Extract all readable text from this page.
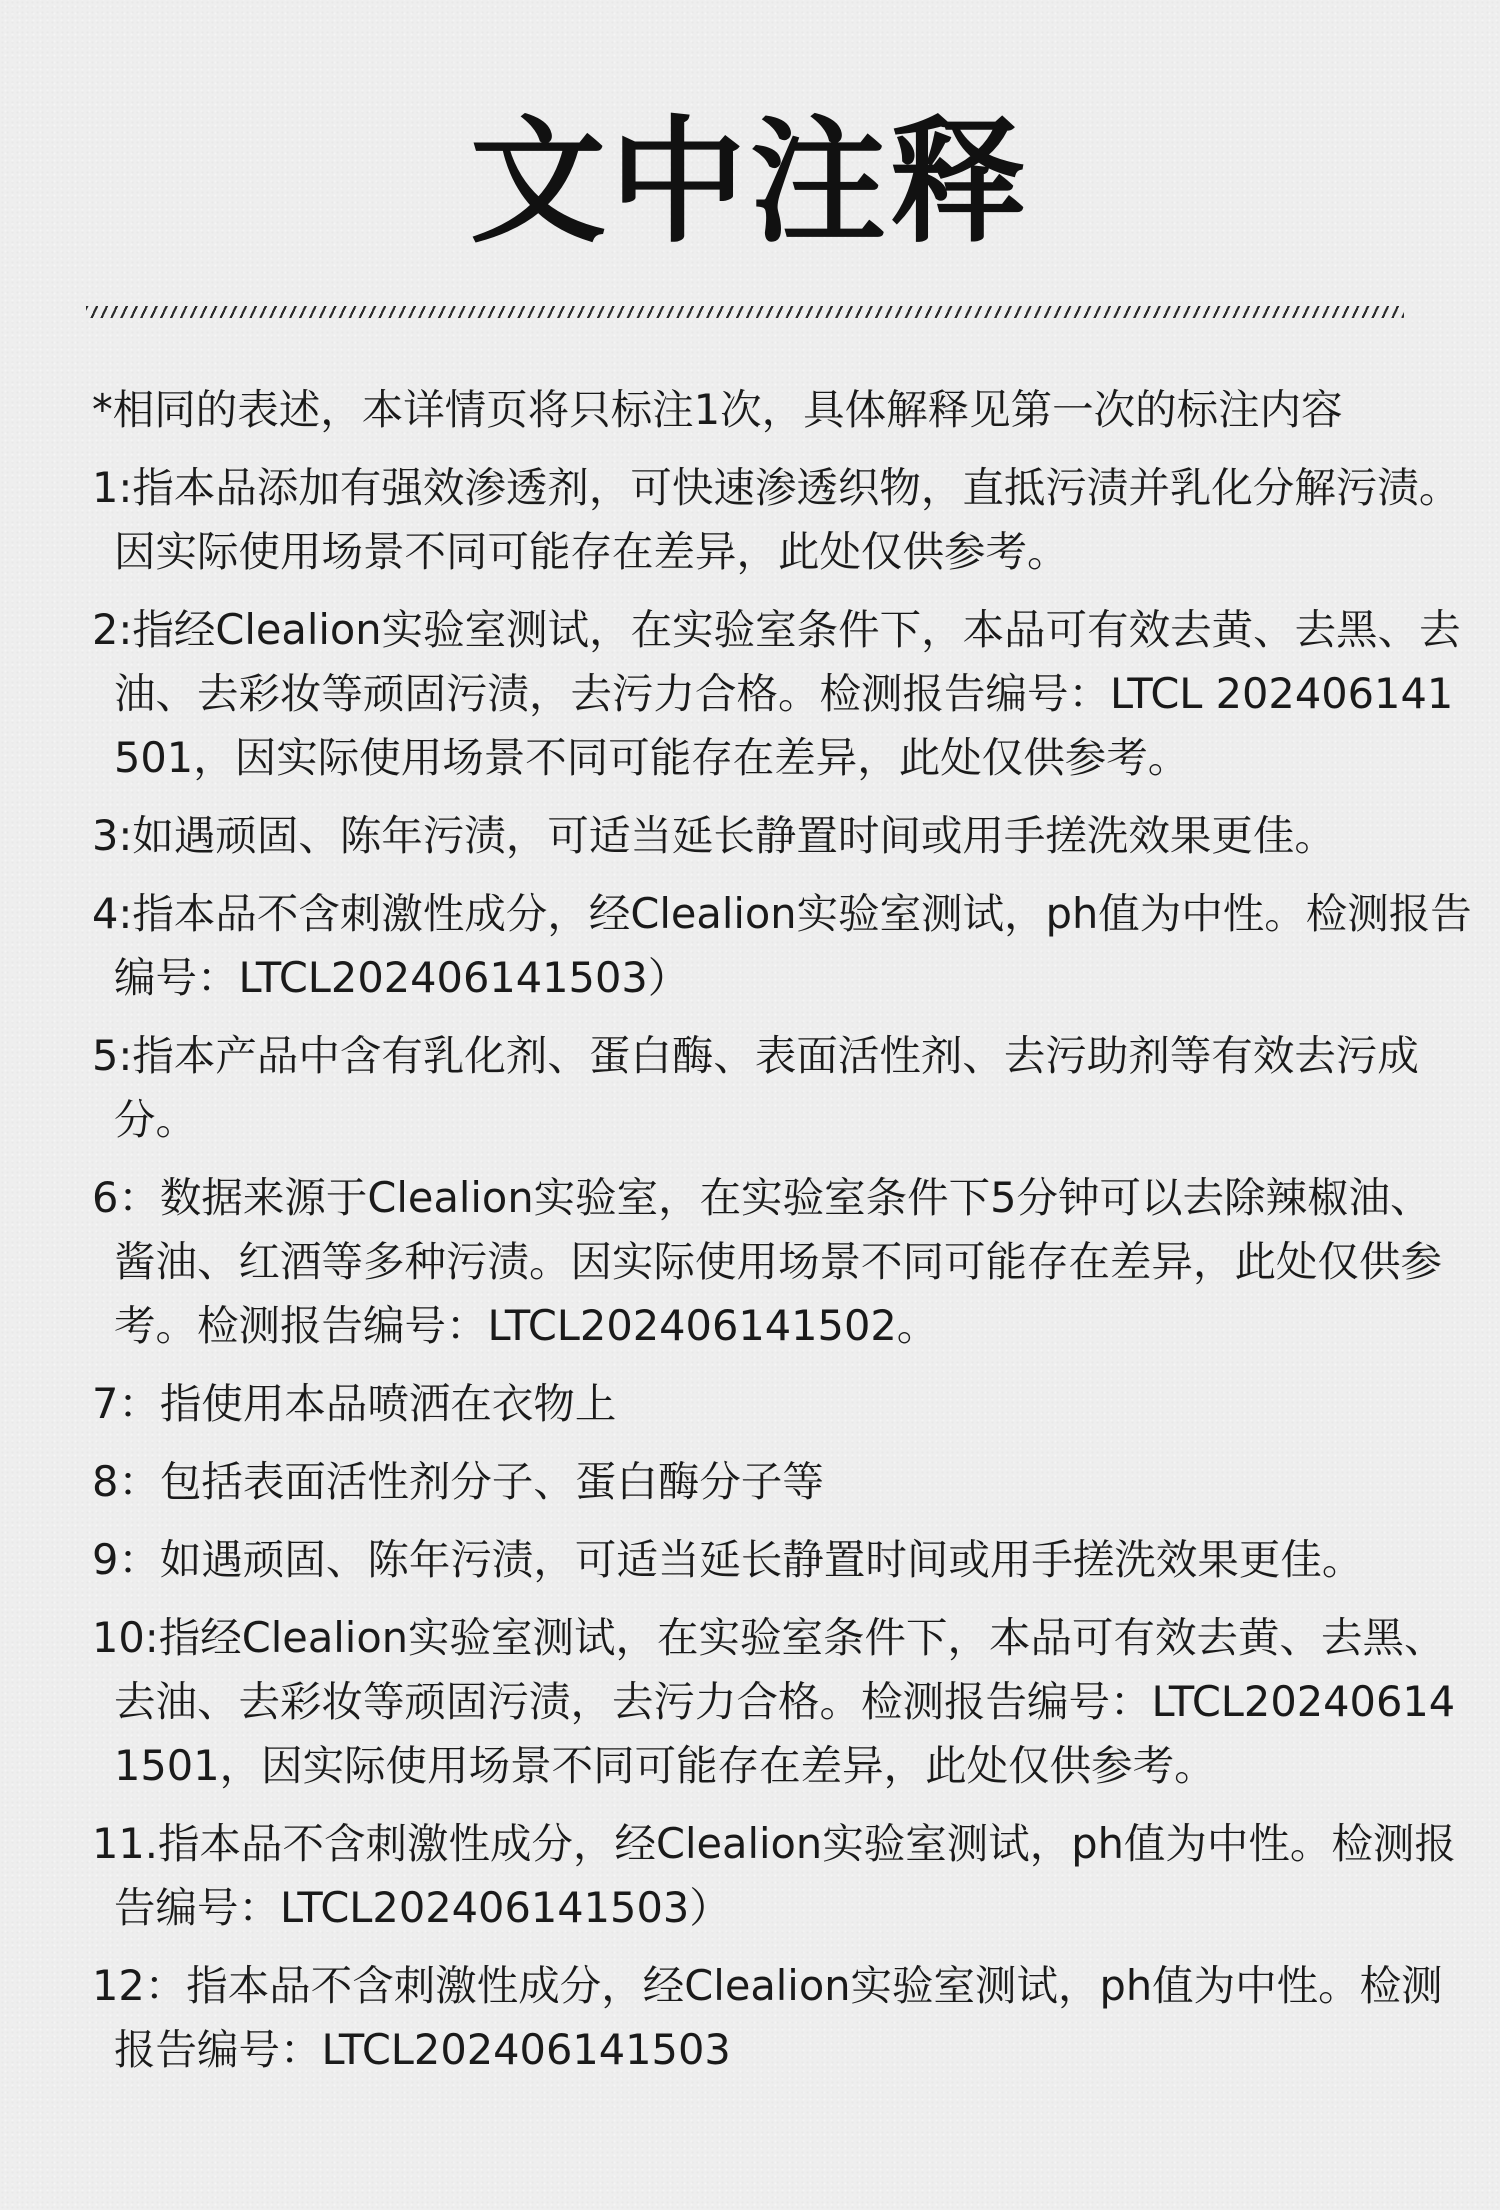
文中注释

*相同的表述，本详情页将只标注1次，具体解释见第一次的标注内容

1:指本品添加有强效渗透剂，可快速渗透织物，直抵污渍并乳化分解污渍。因实际使用场景不同可能存在差异，此处仅供参考。

2:指经Clealion实验室测试，在实验室条件下，本品可有效去黄、去黑、去油、去彩妆等顽固污渍，去污力合格。检测报告编号：LTCL 202406141501，因实际使用场景不同可能存在差异，此处仅供参考。

3:如遇顽固、陈年污渍，可适当延长静置时间或用手搓洗效果更佳。

4:指本品不含刺激性成分，经Clealion实验室测试，ph值为中性。检测报告编号：LTCL202406141503）

5:指本产品中含有乳化剂、蛋白酶、表面活性剂、去污助剂等有效去污成分。

6：数据来源于Clealion实验室，在实验室条件下5分钟可以去除辣椒油、酱油、红酒等多种污渍。因实际使用场景不同可能存在差异，此处仅供参考。检测报告编号：LTCL202406141502。

7：指使用本品喷洒在衣物上

8：包括表面活性剂分子、蛋白酶分子等

9：如遇顽固、陈年污渍，可适当延长静置时间或用手搓洗效果更佳。

10:指经Clealion实验室测试，在实验室条件下，本品可有效去黄、去黑、去油、去彩妆等顽固污渍，去污力合格。检测报告编号：LTCL202406141501，因实际使用场景不同可能存在差异，此处仅供参考。

11.指本品不含刺激性成分，经Clealion实验室测试，ph值为中性。检测报告编号：LTCL202406141503）

12：指本品不含刺激性成分，经Clealion实验室测试，ph值为中性。检测报告编号：LTCL202406141503
